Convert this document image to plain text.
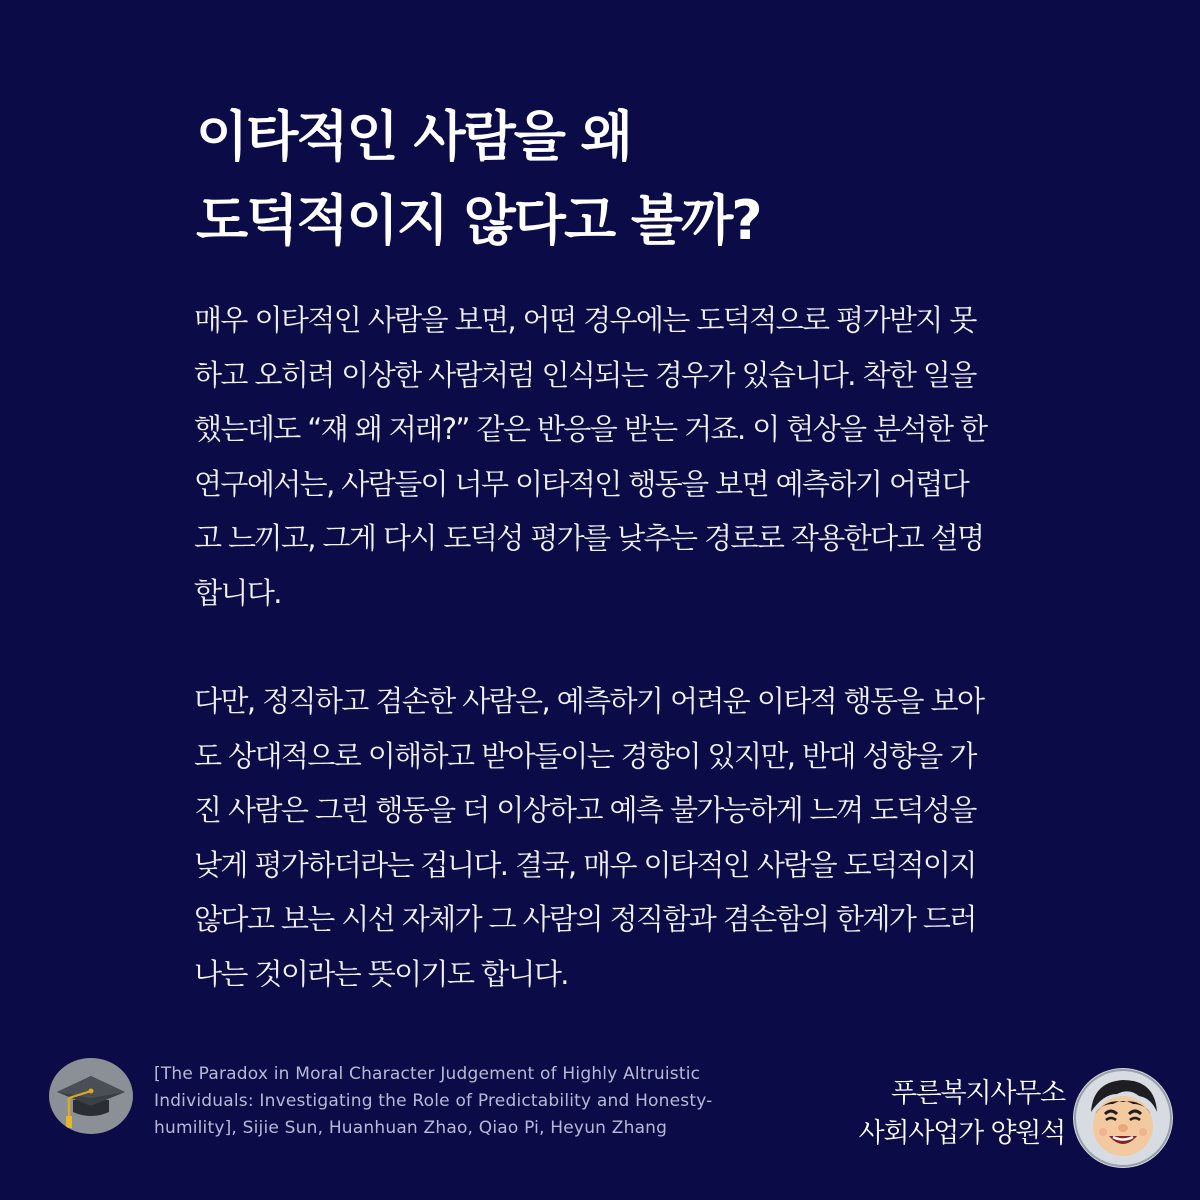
이타적인 사람을 왜
도덕적이지 않다고 볼까?

매우 이타적인 사람을 보면, 어떤 경우에는 도덕적으로 평가받지 못
하고 오히려 이상한 사람처럼 인식되는 경우가 있습니다. 착한 일을
했는데도 “쟤 왜 저래?” 같은 반응을 받는 거죠. 이 현상을 분석한 한
연구에서는, 사람들이 너무 이타적인 행동을 보면 예측하기 어렵다
고 느끼고, 그게 다시 도덕성 평가를 낮추는 경로로 작용한다고 설명
합니다.

다만, 정직하고 겸손한 사람은, 예측하기 어려운 이타적 행동을 보아
도 상대적으로 이해하고 받아들이는 경향이 있지만, 반대 성향을 가
진 사람은 그런 행동을 더 이상하고 예측 불가능하게 느껴 도덕성을
낮게 평가하더라는 겁니다. 결국, 매우 이타적인 사람을 도덕적이지
않다고 보는 시선 자체가 그 사람의 정직함과 겸손함의 한계가 드러
나는 것이라는 뜻이기도 합니다.

[The Paradox in Moral Character Judgement of Highly Altruistic
Individuals: Investigating the Role of Predictability and Honesty-
humility], Sijie Sun, Huanhuan Zhao, Qiao Pi, Heyun Zhang
푸른복지사무소
사회사업가 양원석
